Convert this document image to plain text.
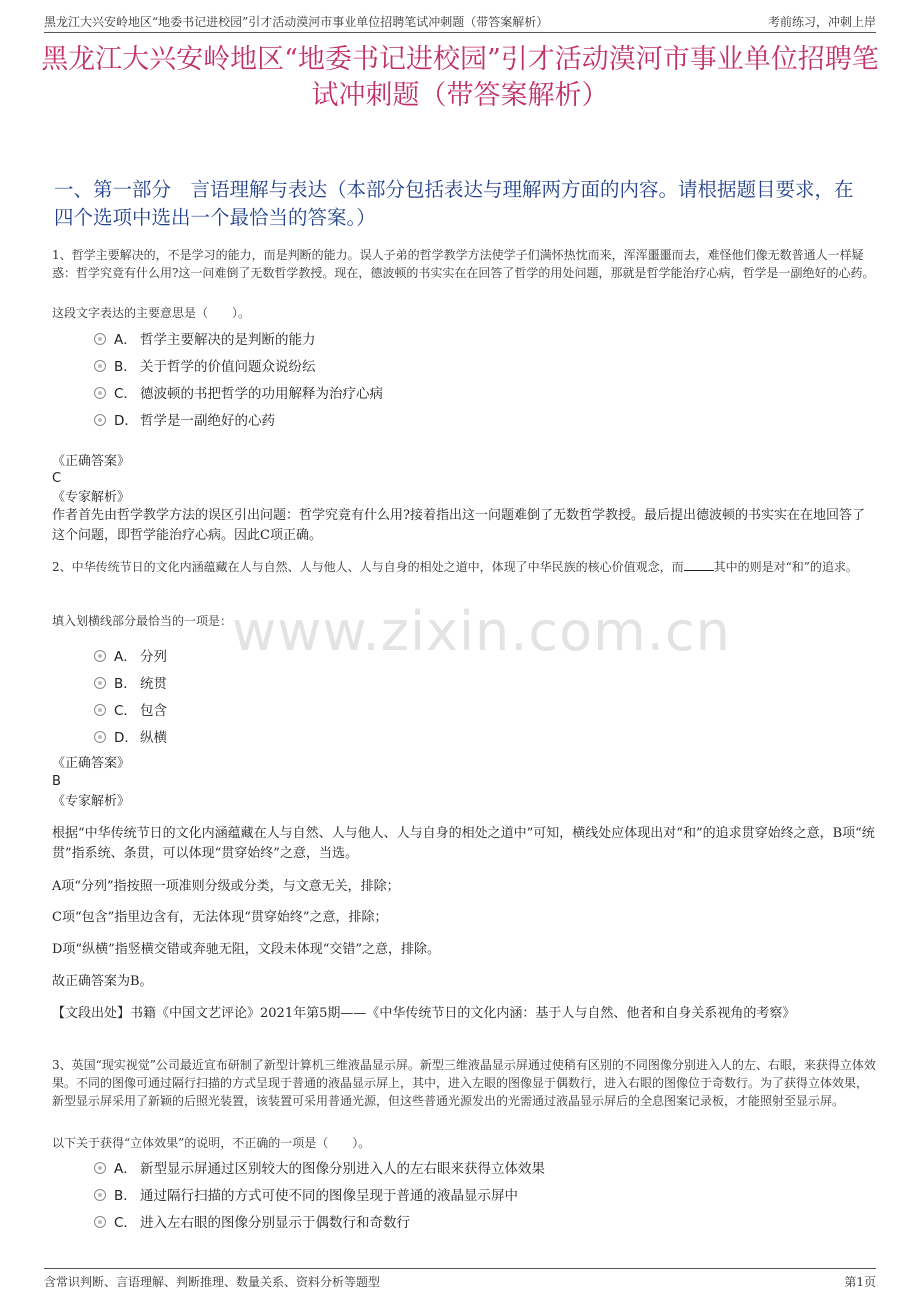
黑龙江大兴安岭地区“地委书记进校园”引才活动漠河市事业单位招聘笔试冲刺题（带答案解析）	考前练习，冲刺上岸
黑龙江大兴安岭地区“地委书记进校园”引才活动漠河市事业单位招聘笔试冲刺题（带答案解析）
一、第一部分　言语理解与表达（本部分包括表达与理解两方面的内容。请根据题目要求，在四个选项中选出一个最恰当的答案。）
1、哲学主要解决的，不是学习的能力，而是判断的能力。误人子弟的哲学教学方法使学子们满怀热忱而来，浑浑噩噩而去，难怪他们像无数普通人一样疑惑：哲学究竟有什么用?这一问难倒了无数哲学教授。现在，德波顿的书实实在在回答了哲学的用处问题，那就是哲学能治疗心病，哲学是一副绝好的心药。
这段文字表达的主要意思是（　　）。
A． 哲学主要解决的是判断的能力
B． 关于哲学的价值问题众说纷纭
C． 德波顿的书把哲学的功用解释为治疗心病
D． 哲学是一副绝好的心药
《正确答案》
C
《专家解析》
作者首先由哲学教学方法的误区引出问题：哲学究竟有什么用?接着指出这一问题难倒了无数哲学教授。最后提出德波顿的书实实在在地回答了这个问题，即哲学能治疗心病。因此C项正确。
2、中华传统节日的文化内涵蕴藏在人与自然、人与他人、人与自身的相处之道中，体现了中华民族的核心价值观念，而	其中的则是对“和”的追求。
填入划横线部分最恰当的一项是： www.zixin.com.cn
A． 分列
B． 统贯
C． 包含
D． 纵横
《正确答案》
B
《专家解析》
根据“中华传统节日的文化内涵蕴藏在人与自然、人与他人、人与自身的相处之道中”可知，横线处应体现出对“和”的追求贯穿始终之意，B项“统贯”指系统、条贯，可以体现“贯穿始终”之意，当选。
A项“分列”指按照一项准则分级或分类，与文意无关，排除；
C项“包含”指里边含有，无法体现“贯穿始终”之意，排除；
D项“纵横”指竖横交错或奔驰无阻，文段未体现“交错”之意，排除。
故正确答案为B。
【文段出处】书籍《中国文艺评论》2021年第5期——《中华传统节日的文化内涵：基于人与自然、他者和自身关系视角的考察》
3、英国“现实视觉”公司最近宣布研制了新型计算机三维液晶显示屏。新型三维液晶显示屏通过使稍有区别的不同图像分别进入人的左、右眼，来获得立体效果。不同的图像可通过隔行扫描的方式呈现于普通的液晶显示屏上，其中，进入左眼的图像显于偶数行，进入右眼的图像位于奇数行。为了获得立体效果，新型显示屏采用了新颖的后照光装置，该装置可采用普通光源，但这些普通光源发出的光需通过液晶显示屏后的全息图案记录板，才能照射至显示屏。
以下关于获得“立体效果”的说明，不正确的一项是（　　）。
A． 新型显示屏通过区别较大的图像分别进入人的左右眼来获得立体效果
B． 通过隔行扫描的方式可使不同的图像呈现于普通的液晶显示屏中
C． 进入左右眼的图像分别显示于偶数行和奇数行
含常识判断、言语理解、判断推理、数量关系、资料分析等题型	第1页
